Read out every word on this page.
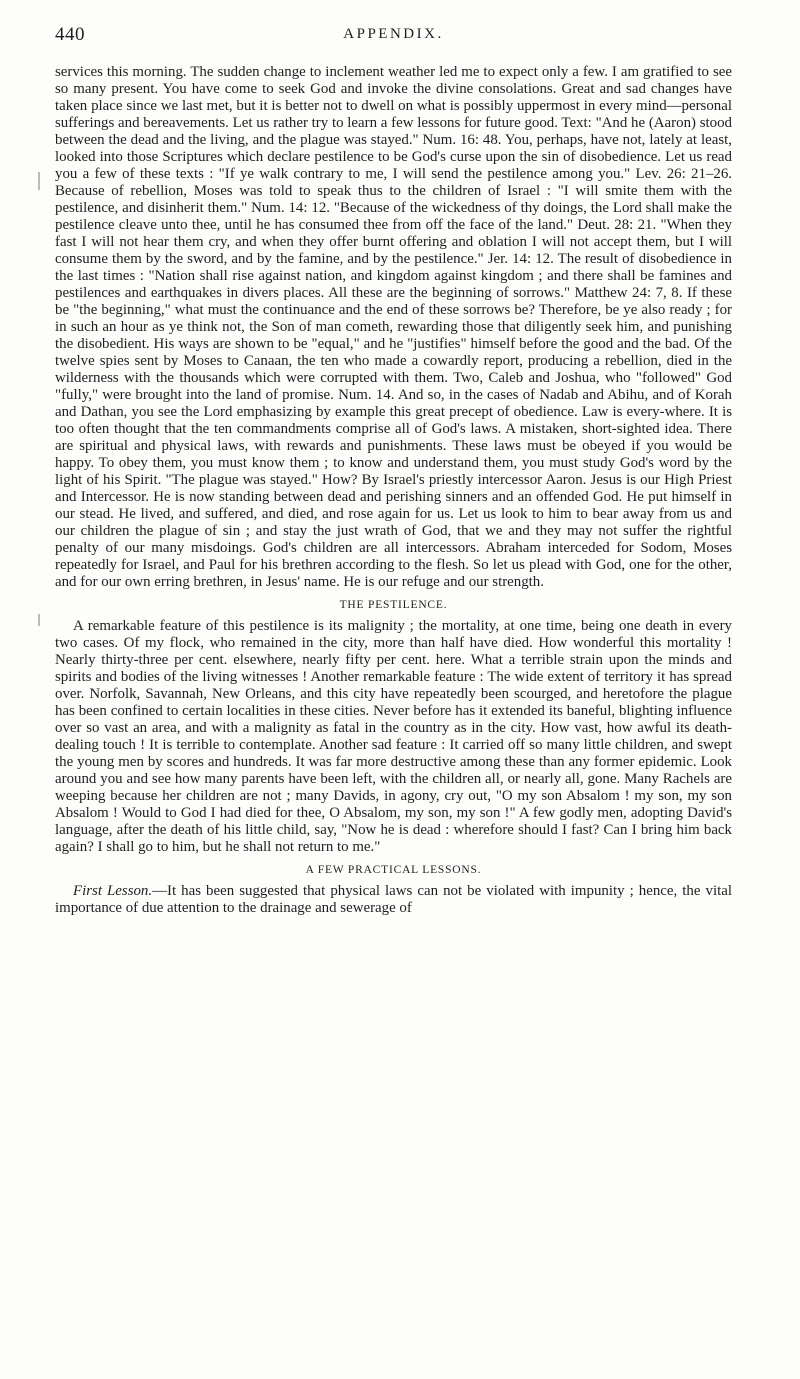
440	APPENDIX.

services this morning. The sudden change to inclement weather led me to expect only a few. I am gratified to see so many present. You have come to seek God and invoke the divine consolations. Great and sad changes have taken place since we last met, but it is better not to dwell on what is possibly uppermost in every mind—personal sufferings and bereavements. Let us rather try to learn a few lessons for future good. Text: "And he (Aaron) stood between the dead and the living, and the plague was stayed." Num. 16: 48. You, perhaps, have not, lately at least, looked into those Scriptures which declare pestilence to be God's curse upon the sin of disobedience. Let us read you a few of these texts : "If ye walk contrary to me, I will send the pestilence among you." Lev. 26: 21–26. Because of rebellion, Moses was told to speak thus to the children of Israel : "I will smite them with the pestilence, and disinherit them." Num. 14: 12. "Because of the wickedness of thy doings, the Lord shall make the pestilence cleave unto thee, until he has consumed thee from off the face of the land." Deut. 28: 21. "When they fast I will not hear them cry, and when they offer burnt offering and oblation I will not accept them, but I will consume them by the sword, and by the famine, and by the pestilence." Jer. 14: 12. The result of disobedience in the last times : "Nation shall rise against nation, and kingdom against kingdom ; and there shall be famines and pestilences and earthquakes in divers places. All these are the beginning of sorrows." Matthew 24: 7, 8. If these be "the beginning," what must the continuance and the end of these sorrows be? Therefore, be ye also ready ; for in such an hour as ye think not, the Son of man cometh, rewarding those that diligently seek him, and punishing the disobedient. His ways are shown to be "equal," and he "justifies" himself before the good and the bad. Of the twelve spies sent by Moses to Canaan, the ten who made a cowardly report, producing a rebellion, died in the wilderness with the thousands which were corrupted with them. Two, Caleb and Joshua, who "followed" God "fully," were brought into the land of promise. Num. 14. And so, in the cases of Nadab and Abihu, and of Korah and Dathan, you see the Lord emphasizing by example this great precept of obedience. Law is every-where. It is too often thought that the ten commandments comprise all of God's laws. A mistaken, short-sighted idea. There are spiritual and physical laws, with rewards and punishments. These laws must be obeyed if you would be happy. To obey them, you must know them ; to know and understand them, you must study God's word by the light of his Spirit. "The plague was stayed." How? By Israel's priestly intercessor Aaron. Jesus is our High Priest and Intercessor. He is now standing between dead and perishing sinners and an offended God. He put himself in our stead. He lived, and suffered, and died, and rose again for us. Let us look to him to bear away from us and our children the plague of sin ; and stay the just wrath of God, that we and they may not suffer the rightful penalty of our many misdoings. God's children are all intercessors. Abraham interceded for Sodom, Moses repeatedly for Israel, and Paul for his brethren according to the flesh. So let us plead with God, one for the other, and for our own erring brethren, in Jesus' name. He is our refuge and our strength.

THE PESTILENCE.

A remarkable feature of this pestilence is its malignity ; the mortality, at one time, being one death in every two cases. Of my flock, who remained in the city, more than half have died. How wonderful this mortality ! Nearly thirty-three per cent. elsewhere, nearly fifty per cent. here. What a terrible strain upon the minds and spirits and bodies of the living witnesses ! Another remarkable feature : The wide extent of territory it has spread over. Norfolk, Savannah, New Orleans, and this city have repeatedly been scourged, and heretofore the plague has been confined to certain localities in these cities. Never before has it extended its baneful, blighting influence over so vast an area, and with a malignity as fatal in the country as in the city. How vast, how awful its death-dealing touch ! It is terrible to contemplate. Another sad feature : It carried off so many little children, and swept the young men by scores and hundreds. It was far more destructive among these than any former epidemic. Look around you and see how many parents have been left, with the children all, or nearly all, gone. Many Rachels are weeping because her children are not ; many Davids, in agony, cry out, "O my son Absalom ! my son, my son Absalom ! Would to God I had died for thee, O Absalom, my son, my son !" A few godly men, adopting David's language, after the death of his little child, say, "Now he is dead : wherefore should I fast? Can I bring him back again? I shall go to him, but he shall not return to me."

A FEW PRACTICAL LESSONS.

First Lesson.—It has been suggested that physical laws can not be violated with impunity ; hence, the vital importance of due attention to the drainage and sewerage of
